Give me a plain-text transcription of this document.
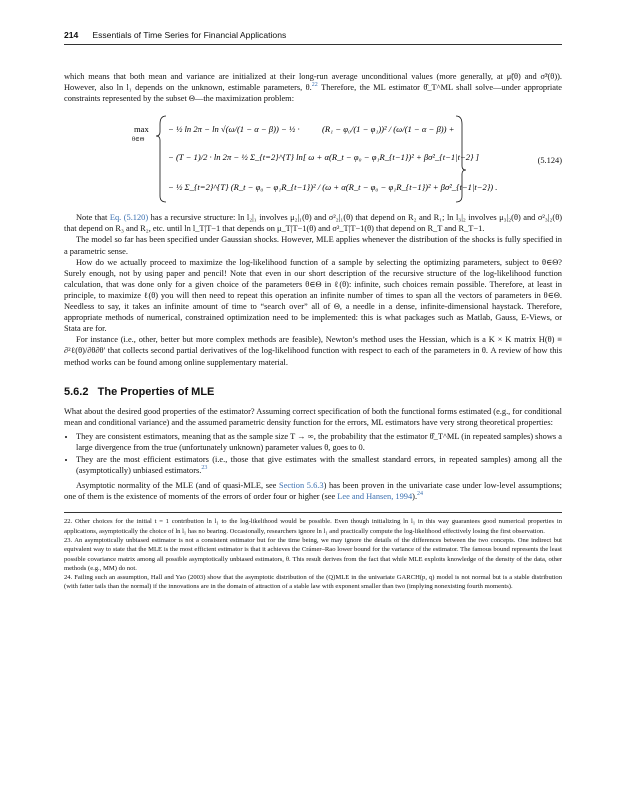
214 Essentials of Time Series for Financial Applications

which means that both mean and variance are initialized at their long-run average unconditional values (more generally, at μ̃(θ) and σ̃²(θ)). However, also ln l₁ depends on the unknown, estimable parameters, θ.$^{22}$ Therefore, the ML estimator θ̂_T^ML shall solve—under appropriate constraints represented by the subset Θ—the maximization problem:

max
θ∈Θ
− ½ ln 2π − ln √(ω/(1 − α − β)) − ½ ·	(R₁ − φ₀/(1 − φ₁))² / (ω/(1 − α − β)) +
− (T − 1)/2 · ln 2π − ½ Σ_{t=2}^{T} ln[ ω + α(R_t − φ₀ − φ₁R_{t−1})² + βσ²_{t−1|t−2} ]
− ½ Σ_{t=2}^{T} (R_t − φ₀ − φ₁R_{t−1})² / (ω + α(R_t − φ₀ − φ₁R_{t−1})² + βσ²_{t−1|t−2}) .
(5.124)

Note that Eq. (5.120) has a recursive structure: ln l₂|₁ involves μ₂|₁(θ) and σ²₂|₁(θ) that depend on R₂ and R₁; ln l₃|₂ involves μ₃|₂(θ) and σ²₃|₂(θ) that depend on R₃ and R₂, etc. until ln l_T|T−1 that depends on μ_T|T−1(θ) and σ²_T|T−1(θ) that depend on R_T and R_T−1.

The model so far has been specified under Gaussian shocks. However, MLE applies whenever the distribution of the shocks is fully specified in a parametric sense.

How do we actually proceed to maximize the log-likelihood function of a sample by selecting the optimizing parameters, subject to θ∈Θ? Surely enough, not by using paper and pencil! Note that even in our short description of the recursive structure of the log-likelihood function calculation, that was done only for a given choice of the parameters θ∈Θ in ℓ(θ): infinite, such choices remain possible. Therefore, at least in principle, to maximize ℓ(θ) you will then need to repeat this operation an infinite number of times to span all the vectors of parameters in θ∈Θ. Needless to say, it takes an infinite amount of time to “search over” all of Θ, a needle in a dense, infinite-dimensional haystack. Therefore, appropriate methods of numerical, constrained optimization need to be implemented: this is what packages such as Matlab, Gauss, E-Views, or Stata are for.

For instance (i.e., other, better but more complex methods are feasible), Newton’s method uses the Hessian, which is a K × K matrix H(θ) ≡ ∂²ℓ(θ)/∂θ∂θ′ that collects second partial derivatives of the log-likelihood function with respect to each of the parameters in θ. A review of how this method works can be found among online supplementary material.

5.6.2 The Properties of MLE

What about the desired good properties of the estimator? Assuming correct specification of both the functional forms estimated (e.g., for conditional mean and conditional variance) and the assumed parametric density function for the errors, ML estimators have very strong theoretical properties:

• They are consistent estimators, meaning that as the sample size T → ∞, the probability that the estimator θ̂_T^ML (in repeated samples) shows a large divergence from the true (unfortunately unknown) parameter values θ, goes to 0.
• They are the most efficient estimators (i.e., those that give estimates with the smallest standard errors, in repeated samples) among all the (asymptotically) unbiased estimators.$^{23}$

Asymptotic normality of the MLE (and of quasi-MLE, see Section 5.6.3) has been proven in the univariate case under low-level assumptions; one of them is the existence of moments of the errors of order four or higher (see Lee and Hansen, 1994).$^{24}$

22. Other choices for the initial t = 1 contribution ln l₁ to the log-likelihood would be possible. Even though initializing ln l₁ in this way guarantees good numerical properties in applications, asymptotically the choice of ln l₁ has no bearing. Occasionally, researchers ignore ln l₁ and practically compute the log-likelihood effectively losing the first observation.

23. An asymptotically unbiased estimator is not a consistent estimator but for the time being, we may ignore the details of the differences between the two concepts. One indirect but equivalent way to state that the MLE is the most efficient estimator is that it achieves the Crámer–Rao lower bound for the variance of the estimator. The famous bound represents the least possible covariance matrix among all possible asymptotically unbiased estimators, θ. This result derives from the fact that while MLE exploits knowledge of the density of the data, other methods (e.g., MM) do not.

24. Failing such an assumption, Hall and Yao (2003) show that the asymptotic distribution of the (Q)MLE in the univariate GARCH(p, q) model is not normal but is a stable distribution (with fatter tails than the normal) if the innovations are in the domain of attraction of a stable law with exponent smaller than two (implying nonexisting fourth moments).
